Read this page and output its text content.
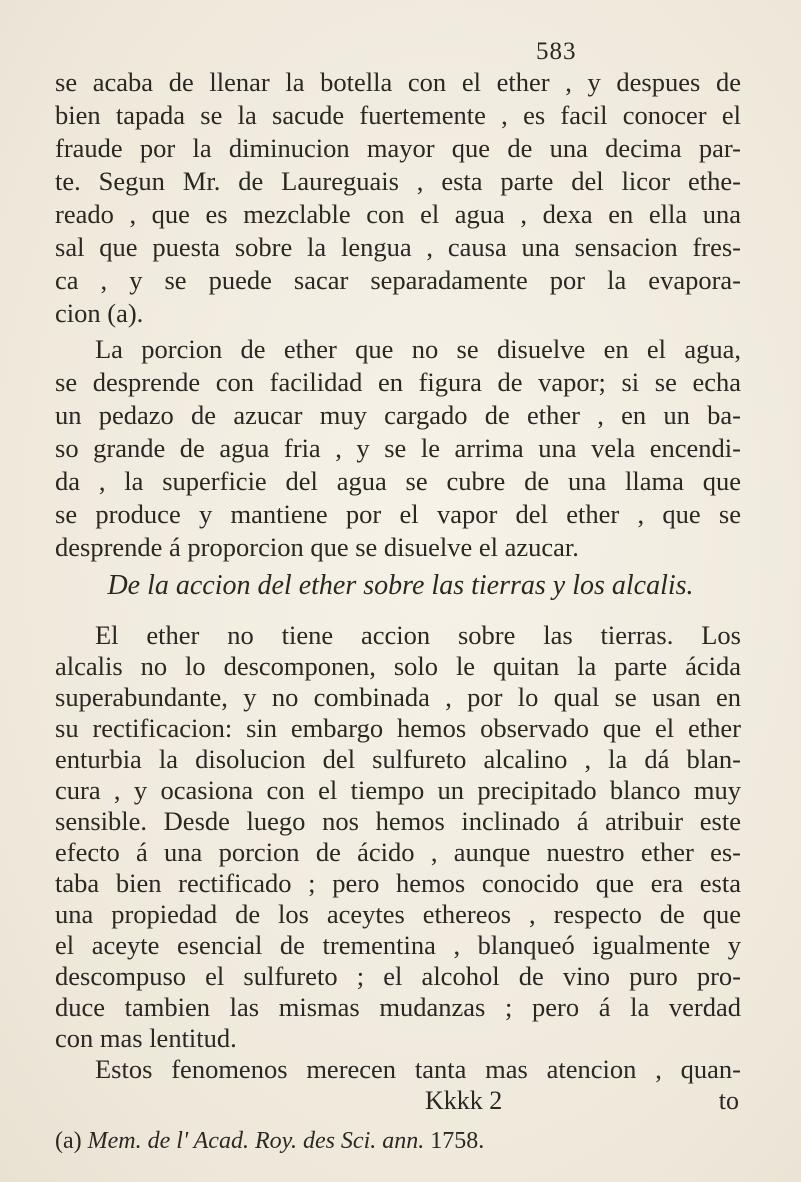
583
se acaba de llenar la botella con el ether , y despues de
bien tapada se la sacude fuertemente , es facil conocer el
fraude por la diminucion mayor que de una decima par-
te. Segun Mr. de Laureguais , esta parte del licor ethe-
reado , que es mezclable con el agua , dexa en ella una
sal que puesta sobre la lengua , causa una sensacion fres-
ca , y se puede sacar separadamente por la evapora-
cion (a).
La porcion de ether que no se disuelve en el agua,
se desprende con facilidad en figura de vapor; si se echa
un pedazo de azucar muy cargado de ether , en un ba-
so grande de agua fria , y se le arrima una vela encendi-
da , la superficie del agua se cubre de una llama que
se produce y mantiene por el vapor del ether , que se
desprende á proporcion que se disuelve el azucar.
De la accion del ether sobre las tierras y los alcalis.
El ether no tiene accion sobre las tierras. Los
alcalis no lo descomponen, solo le quitan la parte ácida
superabundante, y no combinada , por lo qual se usan en
su rectificacion: sin embargo hemos observado que el ether
enturbia la disolucion del sulfureto alcalino , la dá blan-
cura , y ocasiona con el tiempo un precipitado blanco muy
sensible. Desde luego nos hemos inclinado á atribuir este
efecto á una porcion de ácido , aunque nuestro ether es-
taba bien rectificado ; pero hemos conocido que era esta
una propiedad de los aceytes ethereos , respecto de que
el aceyte esencial de trementina , blanqueó igualmente y
descompuso el sulfureto ; el alcohol de vino puro pro-
duce tambien las mismas mudanzas ; pero á la verdad
con mas lentitud.
Estos fenomenos merecen tanta mas atencion , quan-
(a) Mem. de l' Acad. Roy. des Sci. ann. 1758.
Kkkk 2	to
